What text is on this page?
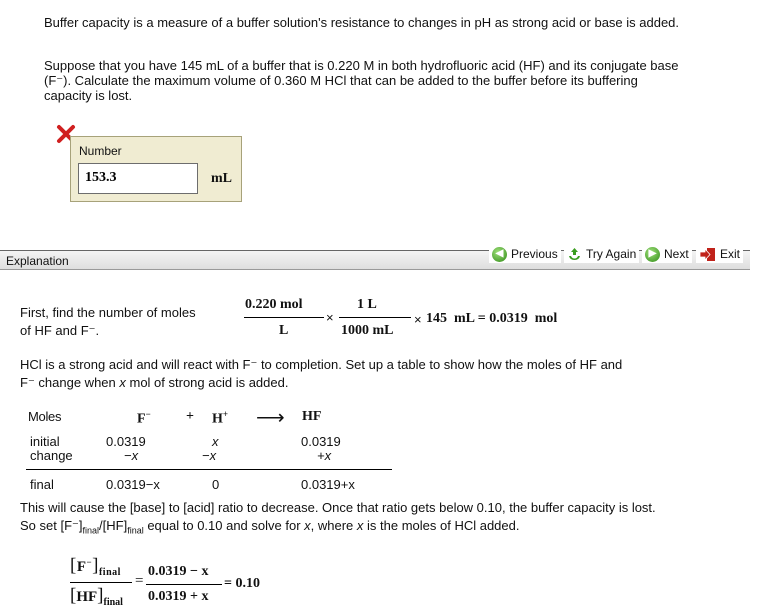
Buffer capacity is a measure of a buffer solution's resistance to changes in pH as strong acid or base is added.

Suppose that you have 145 mL of a buffer that is 0.220 M in both hydrofluoric acid (HF) and its conjugate base (F⁻). Calculate the maximum volume of 0.360 M HCl that can be added to the buffer before its buffering capacity is lost.

Number
153.3	mL
Explanation
◀ Previous Try Again	▶ Next	Exit
First, find the number of moles
of HF and F⁻.
0.220 mol
L
×
1 L
1000 mL
× 145  mL = 0.0319  mol
HCl is a strong acid and will react with F⁻ to completion. Set up a table to show how the moles of HF and
F⁻ change when x mol of strong acid is added.
Moles	F−	+ H+ ⟶ HF
initial	0.0319	x	0.0319
change	−x	−x	+x
final	0.0319−x	0	0.0319+x
This will cause the [base] to [acid] ratio to decrease. Once that ratio gets below 0.10, the buffer capacity is lost.
So set $[F^-]_{final}/[HF]_{final}$ equal to 0.10 and solve for x, where x is the moles of HCl added.
$[F^-]_{final}$
$[HF]_{final}$
=
0.0319 − x
0.0319 + x
= 0.10
